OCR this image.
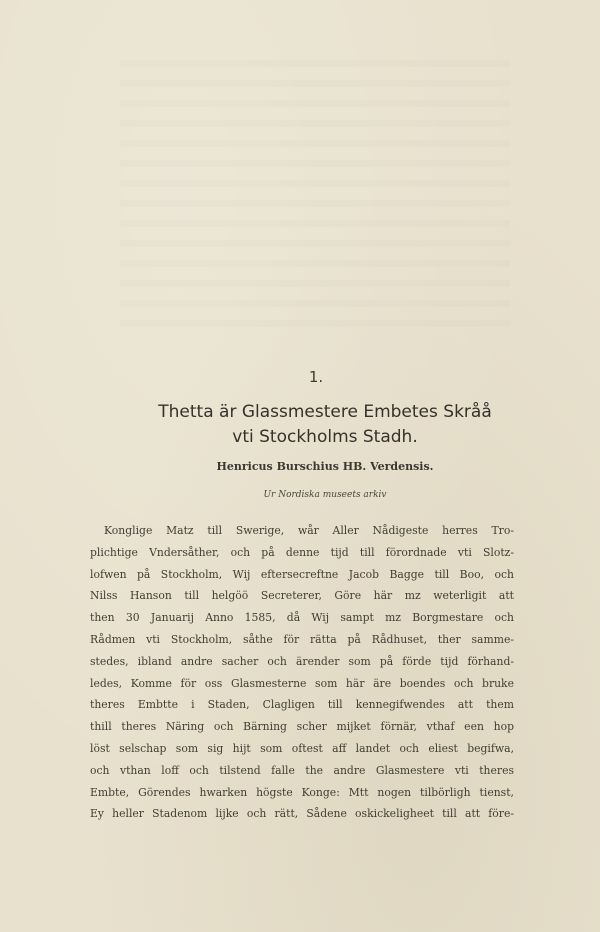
1.
Thetta är Glassmestere Embetes Skråå
vti Stockholms Stadh.
Henricus Burschius HB. Verdensis.
Ur Nordiska museets arkiv
Konglige Matz till Swerige, wår Aller Nådigeste herres Tro-
plichtige Vndersåther, och på denne tijd till förordnade vti Slotz-
lofwen på Stockholm, Wij eftersecreftne Jacob Bagge till Boo, och
Nilss Hanson till helgöö Secreterer, Göre här mz weterligit att
then 30 Januarij Anno 1585, då Wij sampt mz Borgmestare och
Rådmen vti Stockholm, såthe för rätta på Rådhuset, ther samme-
stedes, ibland andre sacher och ärender som på förde tijd förhand-
ledes, Komme för oss Glasmesterne som här äre boendes och bruke
theres Embtte i Staden, Clagligen till kennegifwendes att them
thill theres Näring och Bärning scher mijket förnär, vthaf een hop
löst selschap som sig hijt som oftest aff landet och eliest begifwa,
och vthan loff och tilstend falle the andre Glasmestere vti theres
Embte, Görendes hwarken högste Konge: Mtt nogen tilbörligh tienst,
Ey heller Stadenom lijke och rätt, Sådene oskickeligheet till att före-
